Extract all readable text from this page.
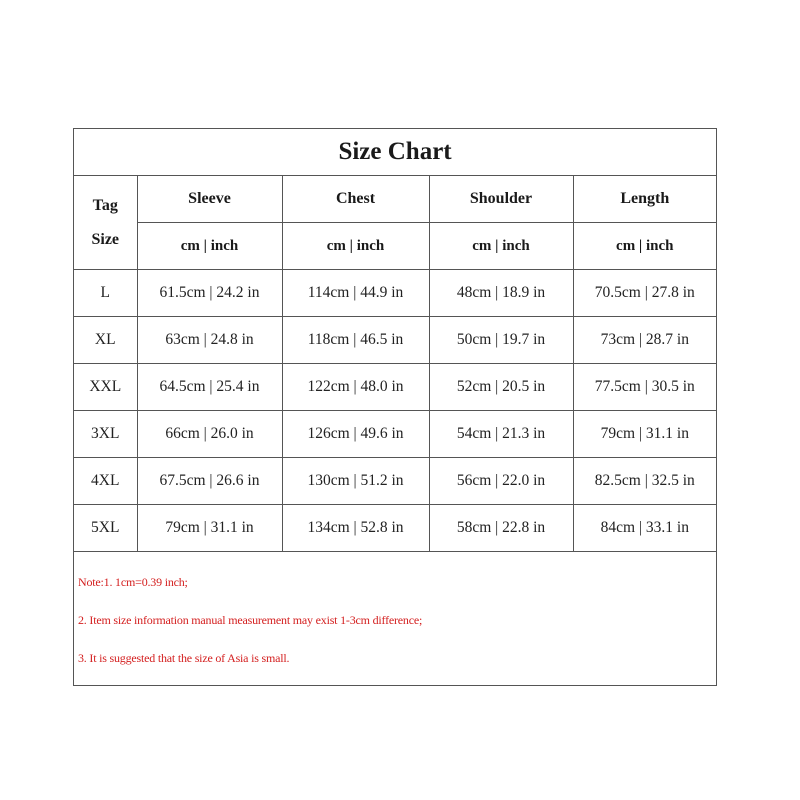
Size Chart				

Tag
Size	Sleeve	Chest	Shoulder	Length
	cm | inch	cm | inch	cm | inch	cm | inch
L	61.5cm | 24.2 in	114cm | 44.9 in	48cm | 18.9 in	70.5cm | 27.8 in
XL	63cm | 24.8 in	118cm | 46.5 in	50cm | 19.7 in	73cm | 28.7 in
XXL	64.5cm | 25.4 in	122cm | 48.0 in	52cm | 20.5 in	77.5cm | 30.5 in
3XL	66cm | 26.0 in	126cm | 49.6 in	54cm | 21.3 in	79cm | 31.1 in
4XL	67.5cm | 26.6 in	130cm | 51.2 in	56cm | 22.0 in	82.5cm | 32.5 in
5XL	79cm | 31.1 in	134cm | 52.8 in	58cm | 22.8 in	84cm | 33.1 in
Note:1. 1cm=0.39 inch;
2. Item size information manual measurement may exist 1-3cm difference;
3. It is suggested that the size of Asia is small.
